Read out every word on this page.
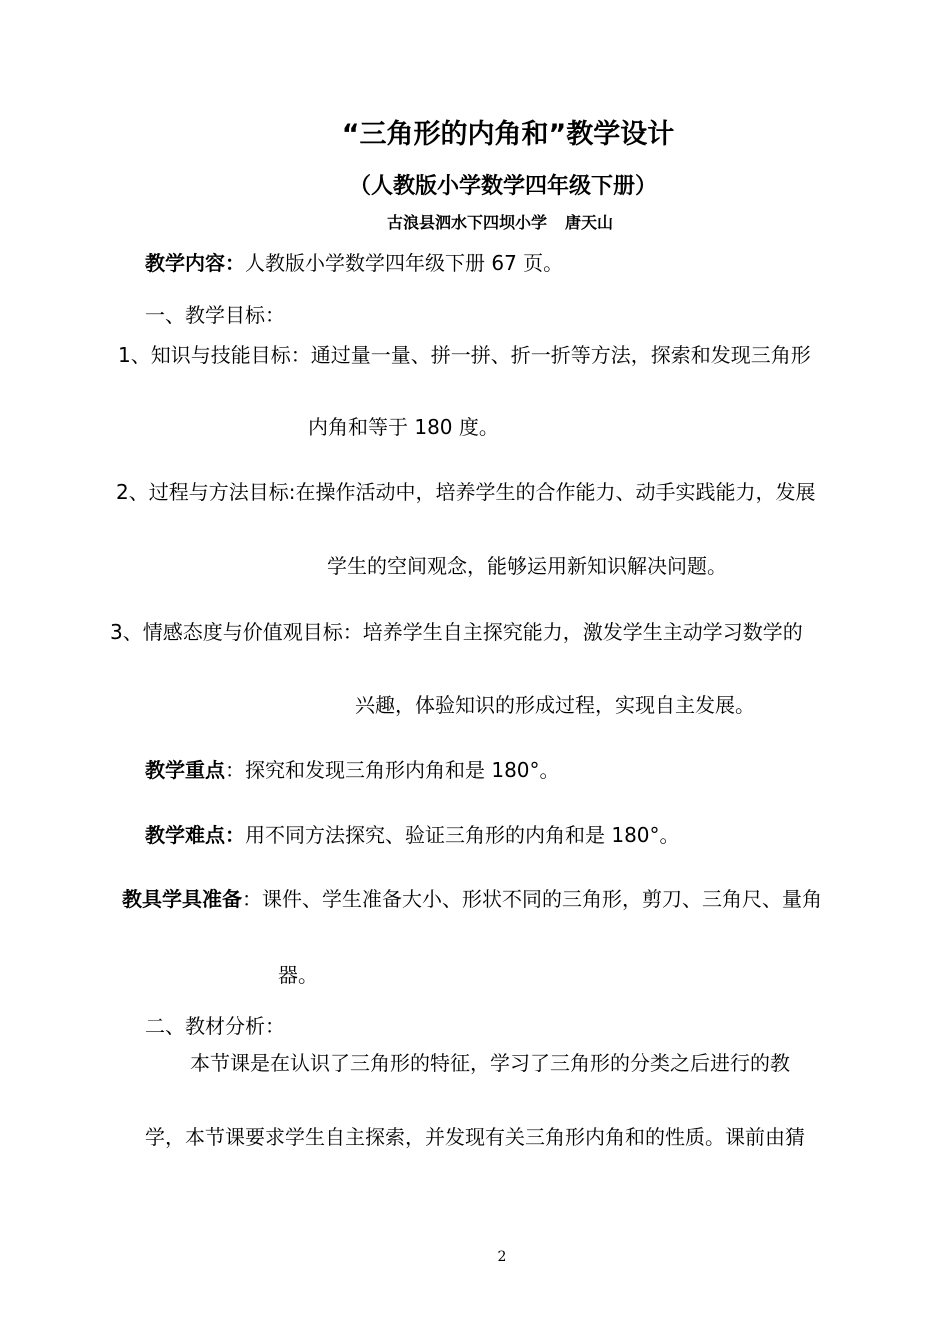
“三角形的内角和”教学设计
（人教版小学数学四年级下册）
古浪县泗水下四坝小学 唐天山
教学内容：人教版小学数学四年级下册 67 页。
一、教学目标：
1、知识与技能目标：通过量一量、拼一拼、折一折等方法，探索和发现三角形
内角和等于 180 度。
2、过程与方法目标:在操作活动中，培养学生的合作能力、动手实践能力，发展
学生的空间观念，能够运用新知识解决问题。
3、情感态度与价值观目标：培养学生自主探究能力，激发学生主动学习数学的
兴趣，体验知识的形成过程，实现自主发展。
教学重点：探究和发现三角形内角和是 180°。
教学难点：用不同方法探究、验证三角形的内角和是 180°。
教具学具准备：课件、学生准备大小、形状不同的三角形，剪刀、三角尺、量角
器。
二、教材分析：
本节课是在认识了三角形的特征，学习了三角形的分类之后进行的教
学，本节课要求学生自主探索，并发现有关三角形内角和的性质。课前由猜
2
